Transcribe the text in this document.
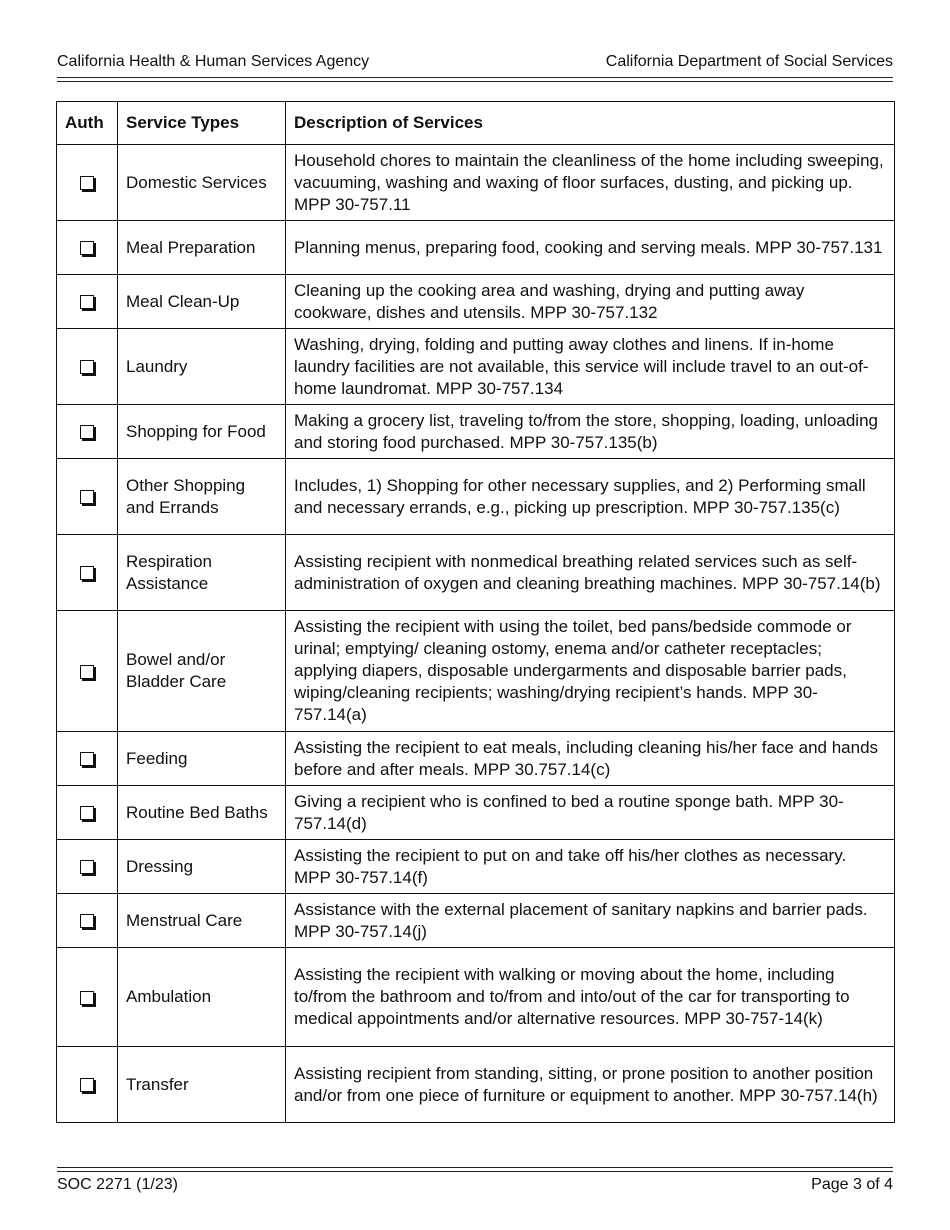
California Health & Human Services Agency	California Department of Social Services
Auth	Service Types	Description of Services
	Domestic Services	Household chores to maintain the cleanliness of the home including sweeping, vacuuming, washing and waxing of floor surfaces, dusting, and picking up. MPP 30-757.11
	Meal Preparation	Planning menus, preparing food, cooking and serving meals. MPP 30-757.131
	Meal Clean-Up	Cleaning up the cooking area and washing, drying and putting away cookware, dishes and utensils. MPP 30-757.132
	Laundry	Washing, drying, folding and putting away clothes and linens. If in-home laundry facilities are not available, this service will include travel to an out-of-home laundromat. MPP 30-757.134
	Shopping for Food	Making a grocery list, traveling to/from the store, shopping, loading, unloading and storing food purchased. MPP 30-757.135(b)
	Other Shopping and Errands	Includes, 1) Shopping for other necessary supplies, and 2) Performing small and necessary errands, e.g., picking up prescription. MPP 30-757.135(c)
	Respiration Assistance	Assisting recipient with nonmedical breathing related services such as self-administration of oxygen and cleaning breathing machines. MPP 30-757.14(b)
	Bowel and/or Bladder Care	Assisting the recipient with using the toilet, bed pans/bedside commode or urinal; emptying/ cleaning ostomy, enema and/or catheter receptacles; applying diapers, disposable undergarments and disposable barrier pads, wiping/cleaning recipients; washing/drying recipient’s hands. MPP 30-757.14(a)
	Feeding	Assisting the recipient to eat meals, including cleaning his/her face and hands before and after meals. MPP 30.757.14(c)
	Routine Bed Baths	Giving a recipient who is confined to bed a routine sponge bath. MPP 30-757.14(d)
	Dressing	Assisting the recipient to put on and take off his/her clothes as necessary. MPP 30-757.14(f)
	Menstrual Care	Assistance with the external placement of sanitary napkins and barrier pads. MPP 30-757.14(j)
	Ambulation	Assisting the recipient with walking or moving about the home, including to/from the bathroom and to/from and into/out of the car for transporting to medical appointments and/or alternative resources. MPP 30-757-14(k)
	Transfer	Assisting recipient from standing, sitting, or prone position to another position and/or from one piece of furniture or equipment to another. MPP 30-757.14(h)
SOC 2271 (1/23)	Page 3 of 4
